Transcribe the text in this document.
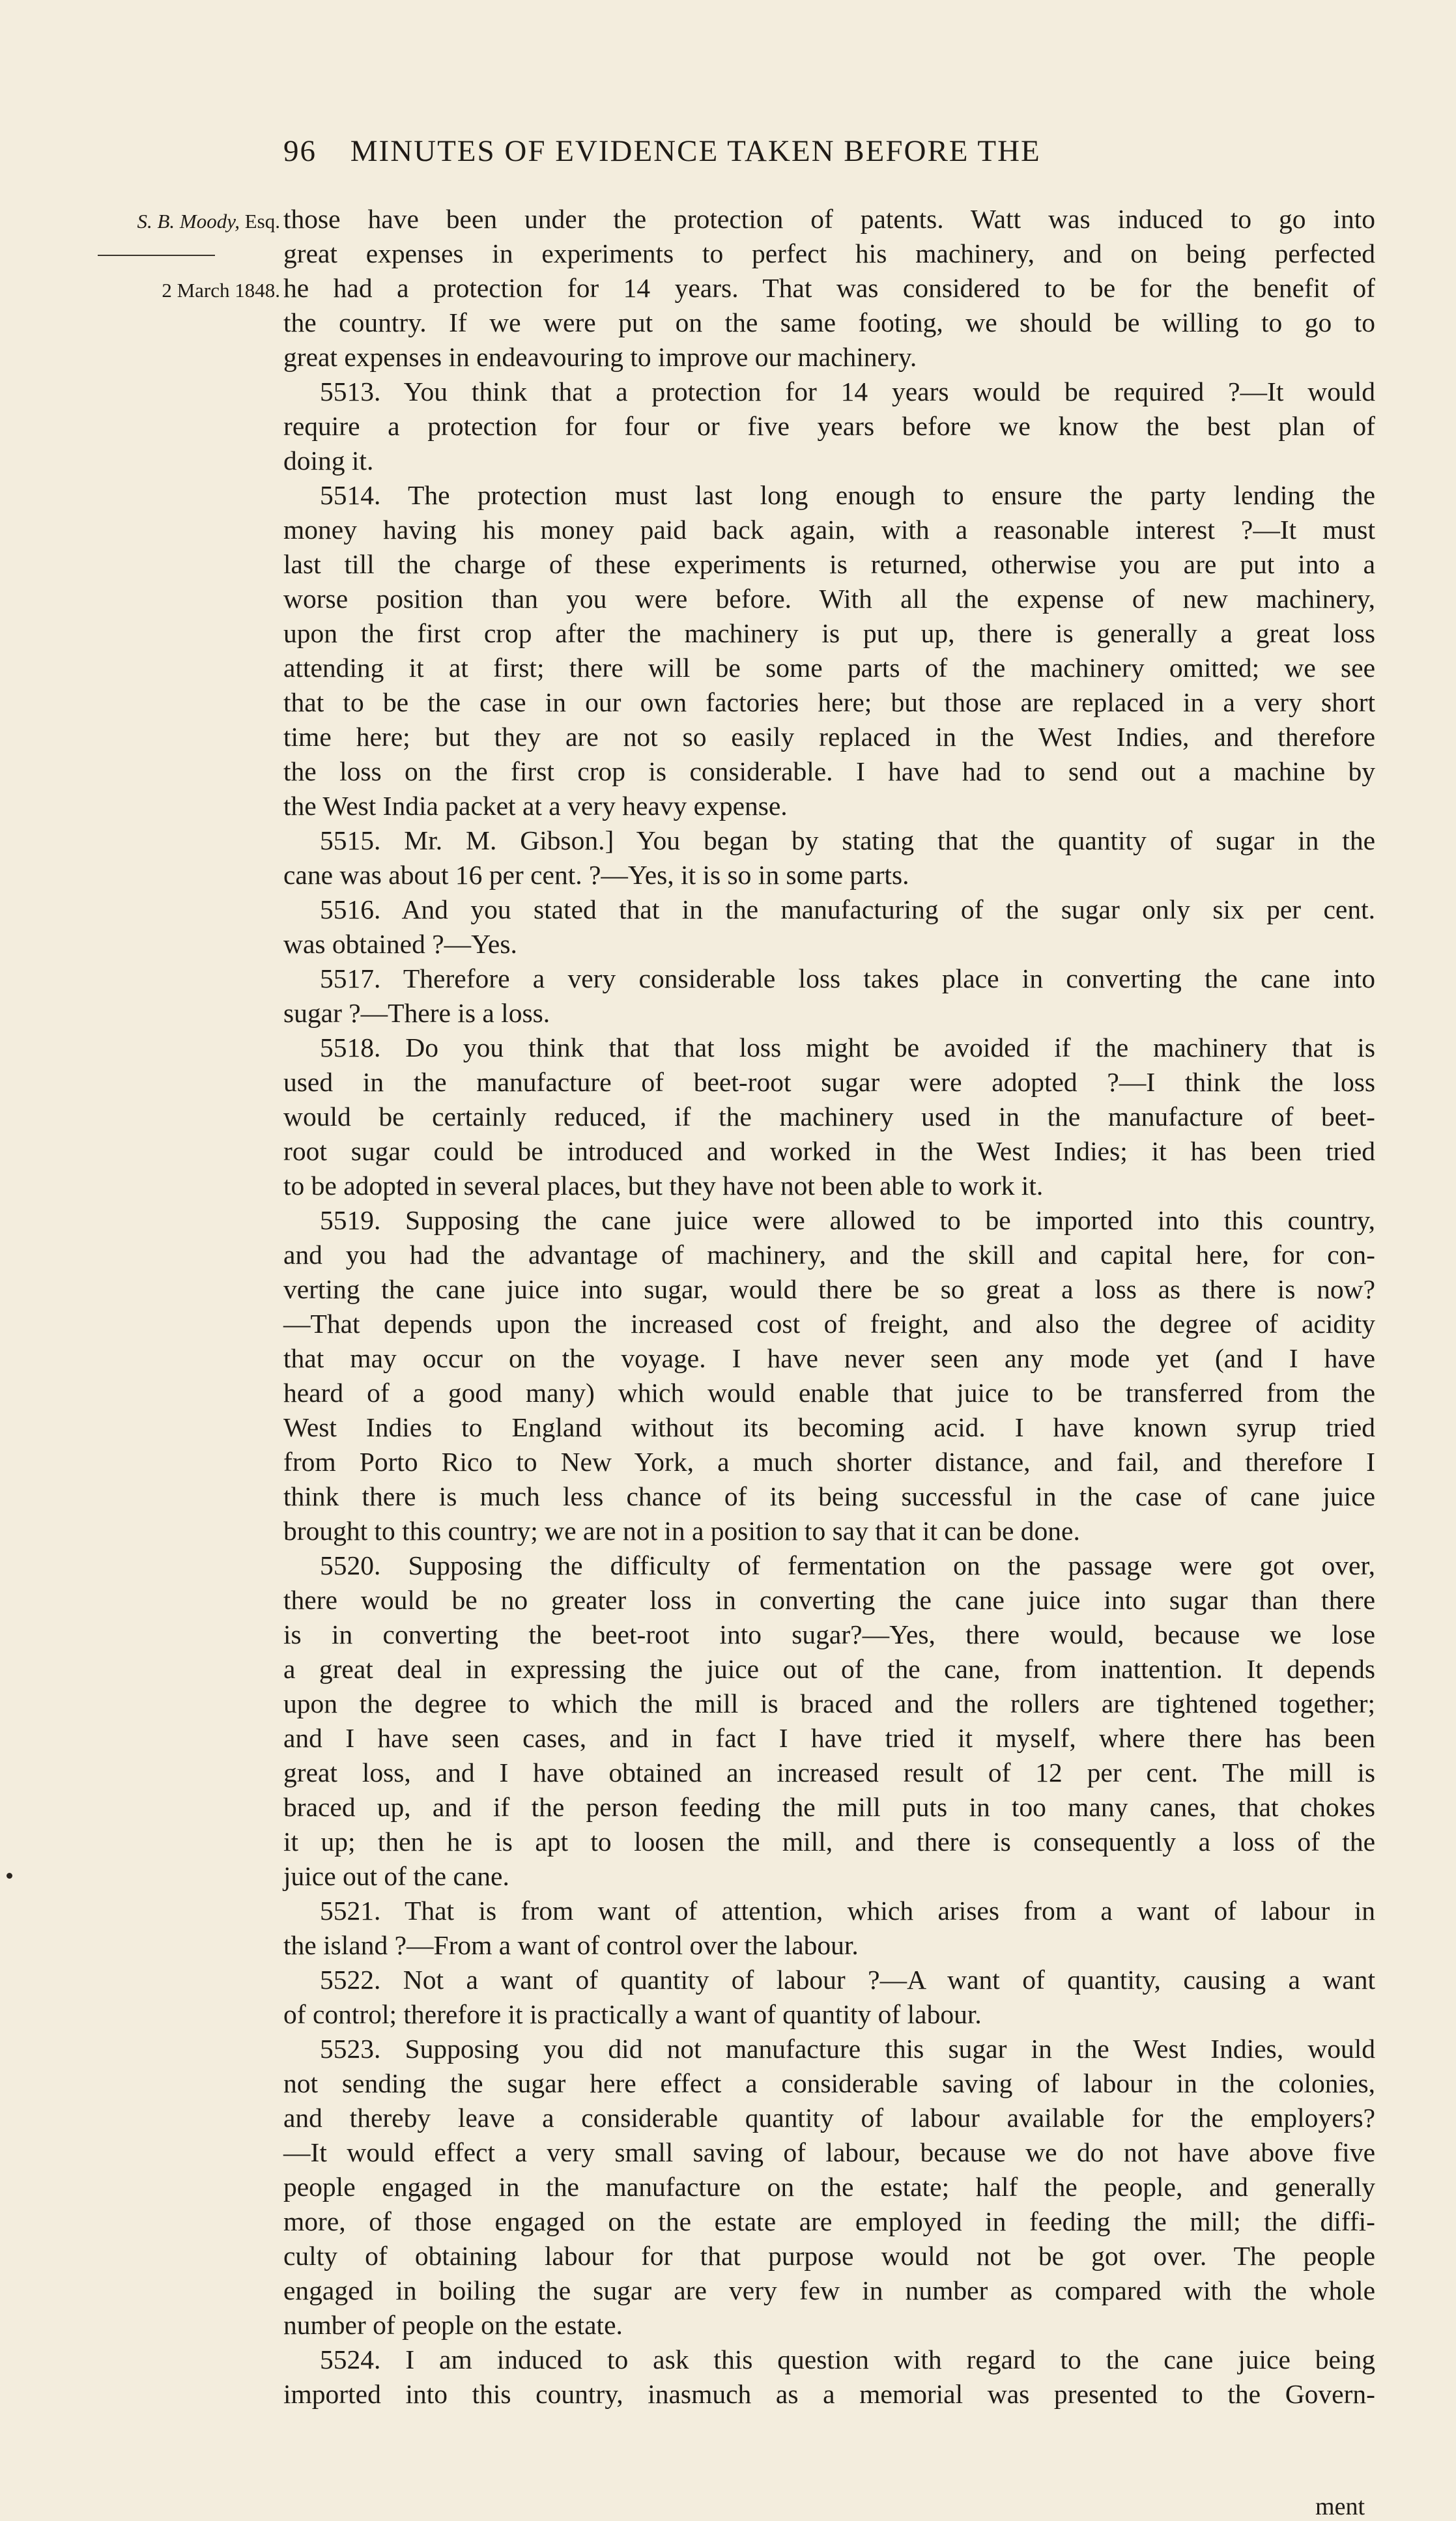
96 MINUTES OF EVIDENCE TAKEN BEFORE THE
S. B. Moody, Esq.
2 March 1848.
those have been under the protection of patents. Watt was induced to go into
great expenses in experiments to perfect his machinery, and on being perfected
he had a protection for 14 years. That was considered to be for the benefit of
the country. If we were put on the same footing, we should be willing to go to
great expenses in endeavouring to improve our machinery.
5513. You think that a protection for 14 years would be required ?—It would
require a protection for four or five years before we know the best plan of
doing it.
5514. The protection must last long enough to ensure the party lending the
money having his money paid back again, with a reasonable interest ?—It must
last till the charge of these experiments is returned, otherwise you are put into a
worse position than you were before. With all the expense of new machinery,
upon the first crop after the machinery is put up, there is generally a great loss
attending it at first; there will be some parts of the machinery omitted; we see
that to be the case in our own factories here; but those are replaced in a very short
time here; but they are not so easily replaced in the West Indies, and therefore
the loss on the first crop is considerable. I have had to send out a machine by
the West India packet at a very heavy expense.
5515. Mr. M. Gibson.] You began by stating that the quantity of sugar in the
cane was about 16 per cent. ?—Yes, it is so in some parts.
5516. And you stated that in the manufacturing of the sugar only six per cent.
was obtained ?—Yes.
5517. Therefore a very considerable loss takes place in converting the cane into
sugar ?—There is a loss.
5518. Do you think that that loss might be avoided if the machinery that is
used in the manufacture of beet-root sugar were adopted ?—I think the loss
would be certainly reduced, if the machinery used in the manufacture of beet-
root sugar could be introduced and worked in the West Indies; it has been tried
to be adopted in several places, but they have not been able to work it.
5519. Supposing the cane juice were allowed to be imported into this country,
and you had the advantage of machinery, and the skill and capital here, for con-
verting the cane juice into sugar, would there be so great a loss as there is now?
—That depends upon the increased cost of freight, and also the degree of acidity
that may occur on the voyage. I have never seen any mode yet (and I have
heard of a good many) which would enable that juice to be transferred from the
West Indies to England without its becoming acid. I have known syrup tried
from Porto Rico to New York, a much shorter distance, and fail, and therefore I
think there is much less chance of its being successful in the case of cane juice
brought to this country; we are not in a position to say that it can be done.
5520. Supposing the difficulty of fermentation on the passage were got over,
there would be no greater loss in converting the cane juice into sugar than there
is in converting the beet-root into sugar?—Yes, there would, because we lose
a great deal in expressing the juice out of the cane, from inattention. It depends
upon the degree to which the mill is braced and the rollers are tightened together;
and I have seen cases, and in fact I have tried it myself, where there has been
great loss, and I have obtained an increased result of 12 per cent. The mill is
braced up, and if the person feeding the mill puts in too many canes, that chokes
it up; then he is apt to loosen the mill, and there is consequently a loss of the
juice out of the cane.
5521. That is from want of attention, which arises from a want of labour in
the island ?—From a want of control over the labour.
5522. Not a want of quantity of labour ?—A want of quantity, causing a want
of control; therefore it is practically a want of quantity of labour.
5523. Supposing you did not manufacture this sugar in the West Indies, would
not sending the sugar here effect a considerable saving of labour in the colonies,
and thereby leave a considerable quantity of labour available for the employers?
—It would effect a very small saving of labour, because we do not have above five
people engaged in the manufacture on the estate; half the people, and generally
more, of those engaged on the estate are employed in feeding the mill; the diffi-
culty of obtaining labour for that purpose would not be got over. The people
engaged in boiling the sugar are very few in number as compared with the whole
number of people on the estate.
5524. I am induced to ask this question with regard to the cane juice being
imported into this country, inasmuch as a memorial was presented to the Govern-
ment
